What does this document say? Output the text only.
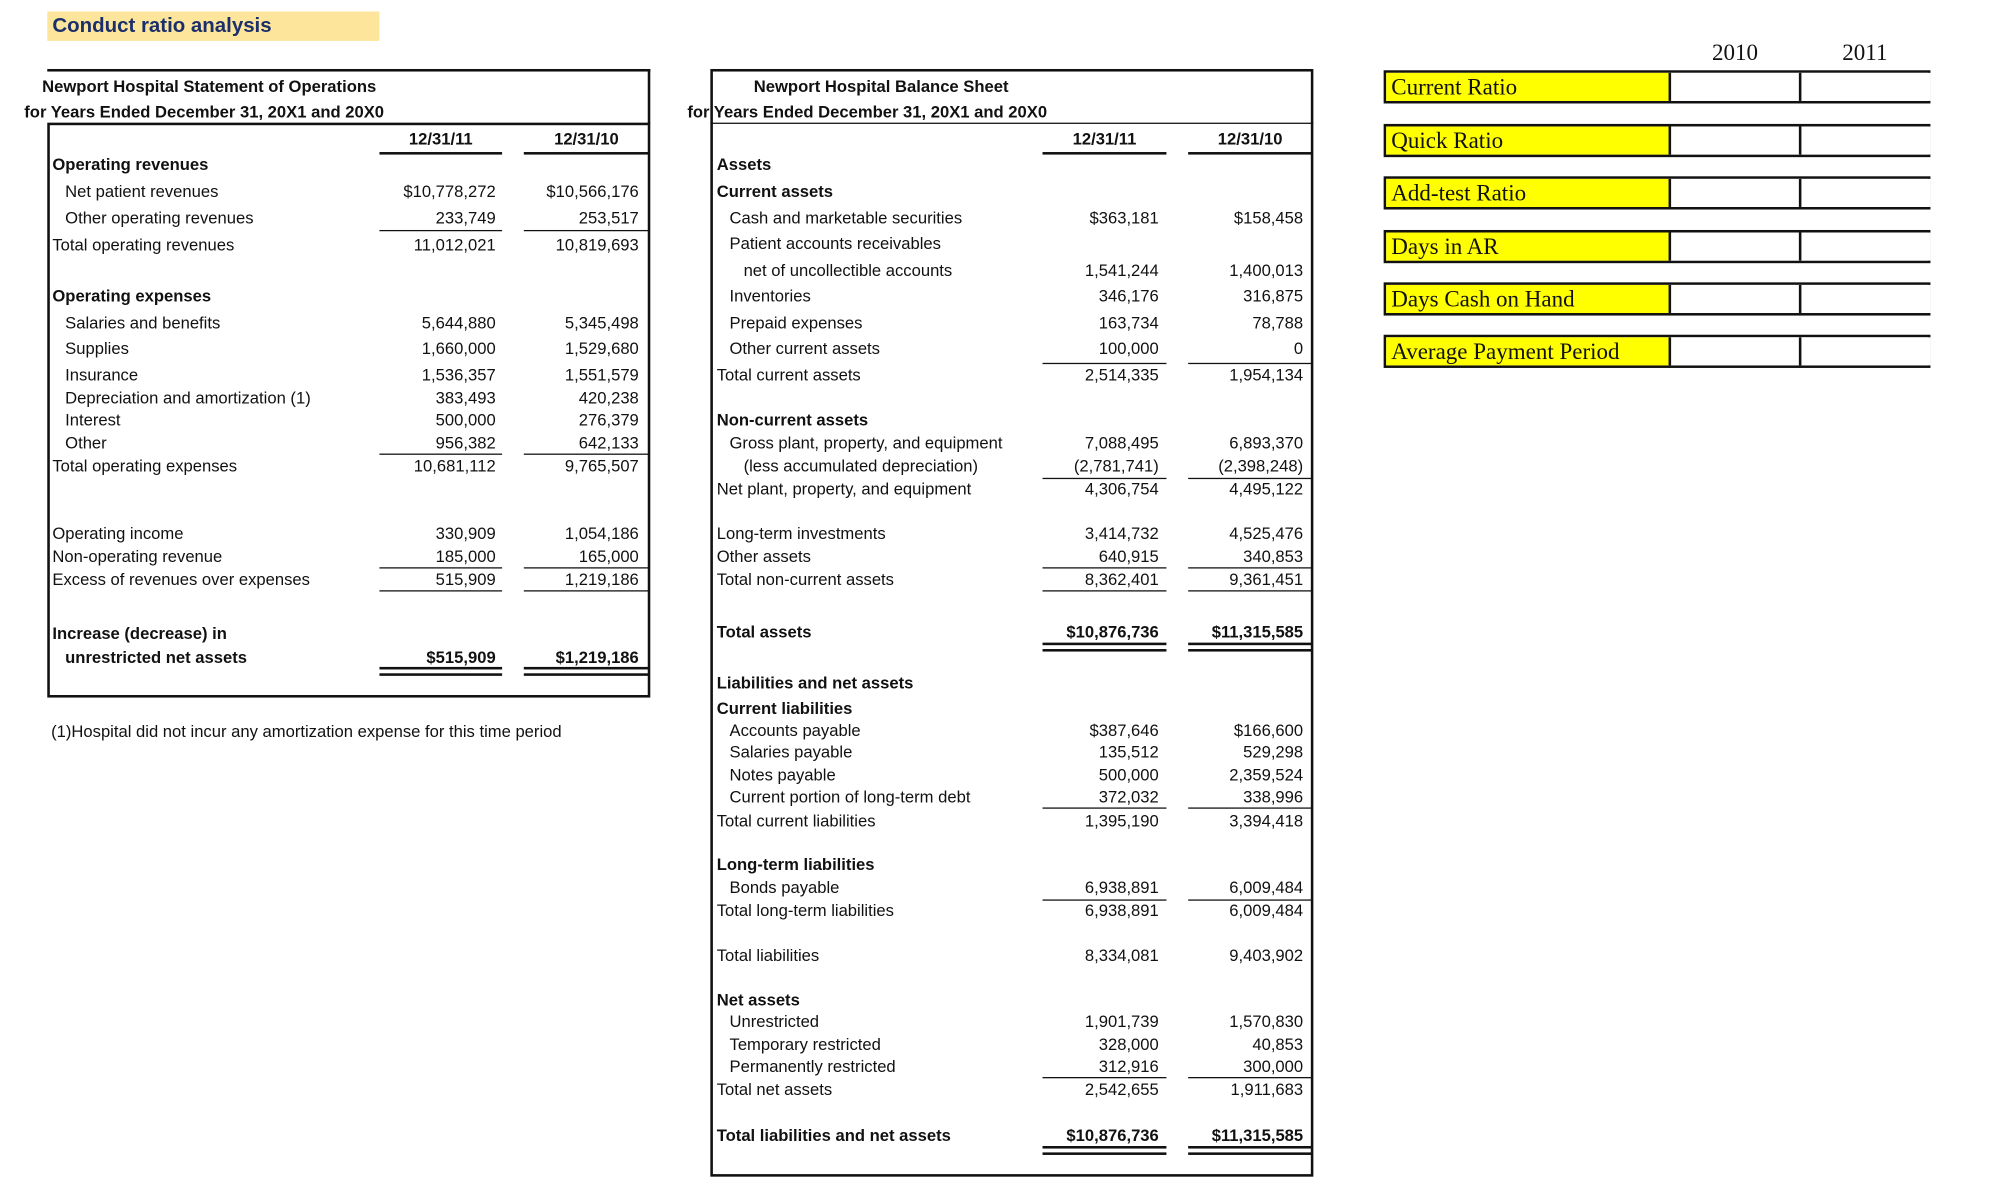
Conduct ratio analysis
Newport Hospital Statement of Operations
for Years Ended December 31, 20X1 and 20X0
12/31/11	12/31/10
Operating revenues
Net patient revenues	$10,778,272	$10,566,176
Other operating revenues	233,749	253,517
Total operating revenues	11,012,021	10,819,693
Operating expenses
Salaries and benefits	5,644,880	5,345,498
Supplies	1,660,000	1,529,680
Insurance	1,536,357	1,551,579
Depreciation and amortization (1)	383,493	420,238
Interest	500,000	276,379
Other	956,382	642,133
Total operating expenses	10,681,112	9,765,507
Operating income	330,909	1,054,186
Non-operating revenue	185,000	165,000
Excess of revenues over expenses	515,909	1,219,186
Increase (decrease) in
unrestricted net assets	$515,909	$1,219,186
(1)Hospital did not incur any amortization expense for this time period
Newport Hospital Balance Sheet
for Years Ended December 31, 20X1 and 20X0
12/31/11	12/31/10
Assets
Current assets
Cash and marketable securities	$363,181	$158,458
Patient accounts receivables
net of uncollectible accounts	1,541,244	1,400,013
Inventories	346,176	316,875
Prepaid expenses	163,734	78,788
Other current assets	100,000	0
Total current assets	2,514,335	1,954,134
Non-current assets
Gross plant, property, and equipment	7,088,495	6,893,370
(less accumulated depreciation)	(2,781,741)	(2,398,248)
Net plant, property, and equipment	4,306,754	4,495,122
Long-term investments	3,414,732	4,525,476
Other assets	640,915	340,853
Total non-current assets	8,362,401	9,361,451
Total assets	$10,876,736	$11,315,585
Liabilities and net assets
Current liabilities
Accounts payable	$387,646	$166,600
Salaries payable	135,512	529,298
Notes payable	500,000	2,359,524
Current portion of long-term debt	372,032	338,996
Total current liabilities	1,395,190	3,394,418
Long-term liabilities
Bonds payable	6,938,891	6,009,484
Total long-term liabilities	6,938,891	6,009,484
Total liabilities	8,334,081	9,403,902
Net assets
Unrestricted	1,901,739	1,570,830
Temporary restricted	328,000	40,853
Permanently restricted	312,916	300,000
Total net assets	2,542,655	1,911,683
Total liabilities and net assets	$10,876,736	$11,315,585
2010	2011
Current Ratio
Quick Ratio
Add-test Ratio
Days in AR
Days Cash on Hand
Average Payment Period
